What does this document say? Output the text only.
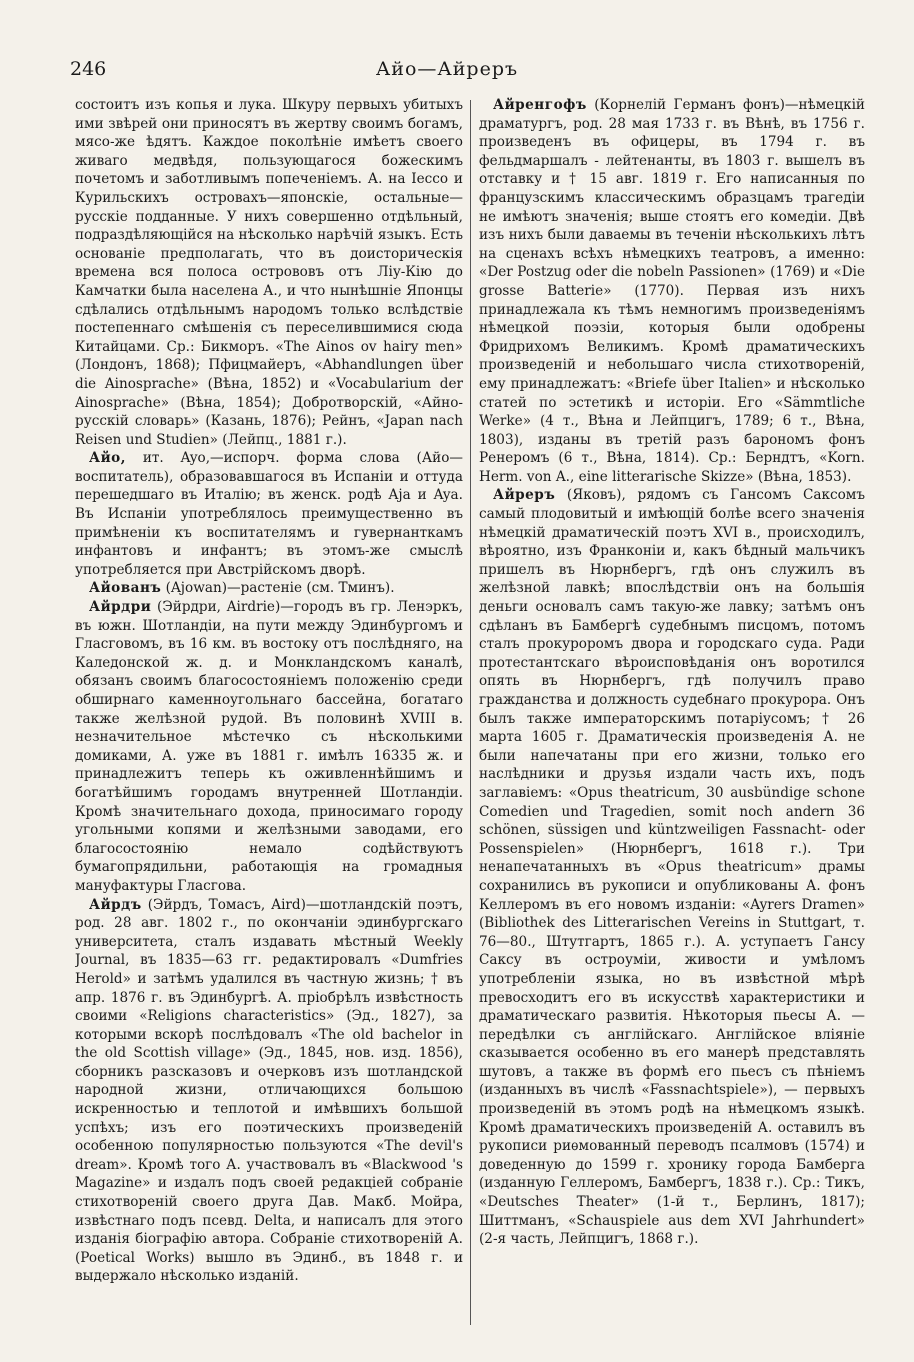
246	Айо—Айреръ

состоитъ изъ копья и лука. Шкуру первыхъ убитыхъ ими звѣрей они приносятъ въ жертву своимъ богамъ, мясо-же ѣдятъ. Каждое поколѣніе имѣетъ своего живаго медвѣдя, пользующагося божескимъ почетомъ и заботливымъ попеченіемъ. А. на Іессо и Курильскихъ островахъ—японскіе, остальные—русскіе подданные. У нихъ совершенно отдѣльный, подраздѣляющійся на нѣсколько нарѣчій языкъ. Есть основаніе предполагать, что въ доисторическія времена вся полоса острововъ отъ Ліу-Кію до Камчатки была населена А., и что нынѣшніе Японцы сдѣлались отдѣльнымъ народомъ только вслѣдствіе постепеннаго смѣшенія съ переселившимися сюда Китайцами. Ср.: Бикморъ. «The Ainos ov hairy men» (Лондонъ, 1868); Пфицмайеръ, «Abhandlungen über die Ainosprache» (Вѣна, 1852) и «Vocabularium der Ainosprache» (Вѣна, 1854); Добротворскій, «Айно-русскій словарь» (Казань, 1876); Рейнъ, «Japan nach Reisen und Studien» (Лейпц., 1881 г.).

Айо, ит. Ayo,—испорч. форма слова (Айо—воспитатель), образовавшагося въ Испаніи и оттуда перешедшаго въ Италію; въ женск. родѣ Aja и Aya. Въ Испаніи употреблялось преимущественно въ примѣненіи къ воспитателямъ и гувернанткамъ инфантовъ и инфантъ; въ этомъ-же смыслѣ употребляется при Австрійскомъ дворѣ.

Айованъ (Ajowan)—растеніе (см. Тминъ).

Айрдри (Эйрдри, Airdrie)—городъ въ гр. Ленэркъ, въ южн. Шотландіи, на пути между Эдинбургомъ и Гласговомъ, въ 16 км. въ востоку отъ послѣдняго, на Каледонской ж. д. и Монкландскомъ каналѣ, обязанъ своимъ благосостояніемъ положенію среди обширнаго каменноугольнаго бассейна, богатаго также желѣзной рудой. Въ половинѣ XVIII в. незначительное мѣстечко съ нѣсколькими домиками, А. уже въ 1881 г. имѣлъ 16335 ж. и принадлежитъ теперь къ оживленнѣйшимъ и богатѣйшимъ городамъ внутренней Шотландіи. Кромѣ значительнаго дохода, приносимаго городу угольными копями и желѣзными заводами, его благосостоянію немало содѣйствуютъ бумагопрядильни, работающія на громадныя мануфактуры Глаcгова.

Айрдъ (Эйрдъ, Томасъ, Aird)—шотландскій поэтъ, род. 28 авг. 1802 г., по окончаніи эдинбургскаго университета, сталъ издавать мѣстный Weekly Journal, въ 1835—63 гг. редактировалъ «Dumfries Herold» и затѣмъ удалился въ частную жизнь; † въ апр. 1876 г. въ Эдинбургѣ. А. пріобрѣлъ извѣстность своими «Religions characteristics» (Эд., 1827), за которыми вскорѣ послѣдовалъ «The old bachelor in the old Scottish village» (Эд., 1845, нов. изд. 1856), сборникъ разсказовъ и очерковъ изъ шотландской народной жизни, отличающихся большою искренностью и теплотой и имѣвшихъ большой успѣхъ; изъ его поэтическихъ произведеній особенною популярностью пользуются «The devil's dream». Кромѣ того А. участвовалъ въ «Blackwood 's Magazine» и издалъ подъ своей редакціей собраніе стихотвореній своего друга Дав. Макб. Мойра, извѣстнаго подъ псевд. Delta, и написалъ для этого изданія біографію автора. Собраніе стихотвореній А. (Poetical Works) вышло въ Эдинб., въ 1848 г. и выдержало нѣсколько изданій.

Айренгофъ (Корнелій Германъ фонъ)—нѣмецкій драматургъ, род. 28 мая 1733 г. въ Вѣнѣ, въ 1756 г. произведенъ въ офицеры, въ 1794 г. въ фельдмаршалъ - лейтенанты, въ 1803 г. вышелъ въ отставку и † 15 авг. 1819 г. Его написанныя по французскимъ классическимъ образцамъ трагедіи не имѣютъ значенія; выше стоятъ его комедіи. Двѣ изъ нихъ были даваемы въ теченіи нѣсколькихъ лѣтъ на сценахъ всѣхъ нѣмецкихъ театровъ, а именно: «Der Postzug oder die nobeln Passionen» (1769) и «Die grosse Batterie» (1770). Первая изъ нихъ принадлежала къ тѣмъ немногимъ произведеніямъ нѣмецкой поэзіи, которыя были одобрены Фридрихомъ Великимъ. Кромѣ драматическихъ произведеній и небольшаго числа стихотвореній, ему принадлежатъ: «Briefe über Italien» и нѣсколько статей по эстетикѣ и исторіи. Его «Sämmtliche Werke» (4 т., Вѣна и Лейпцигъ, 1789; 6 т., Вѣна, 1803), изданы въ третій разъ барономъ фонъ Ренеромъ (6 т., Вѣна, 1814). Ср.: Берндтъ, «Korn. Herm. von A., eine litterarische Skizze» (Вѣна, 1853).

Айреръ (Яковъ), рядомъ съ Гансомъ Саксомъ самый плодовитый и имѣющій болѣе всего значенія нѣмецкій драматическій поэтъ XVI в., происходилъ, вѣроятно, изъ Франконіи и, какъ бѣдный мальчикъ пришелъ въ Нюрнбергъ, гдѣ онъ служилъ въ желѣзной лавкѣ; впослѣдствіи онъ на большія деньги основалъ самъ такую-же лавку; затѣмъ онъ сдѣланъ въ Бамбергѣ судебнымъ писцомъ, потомъ сталъ прокуроромъ двора и городскаго суда. Ради протестантскаго вѣроисповѣданія онъ воротился опять въ Нюрнбергъ, гдѣ получилъ право гражданства и должность судебнаго прокурора. Онъ былъ также императорскимъ потаріусомъ; † 26 марта 1605 г. Драматическія произведенія А. не были напечатаны при его жизни, только его наслѣдники и друзья издали часть ихъ, подъ заглавіемъ: «Opus theatricum, 30 ausbündige schone Comedien und Tragedien, somit noch andern 36 schönen, süssigen und küntzweiligen Fassnacht- oder Possenspielen» (Нюрнбергъ, 1618 г.). Три ненапечатанныхъ въ «Opus theatricum» драмы сохранились въ рукописи и опубликованы А. фонъ Келлеромъ въ его новомъ изданіи: «Ayrers Dramen» (Bibliothek des Litterarischen Vereins in Stuttgart, т. 76—80., Штутгартъ, 1865 г.). А. уступаетъ Гансу Саксу въ остроуміи, живости и умѣломъ употребленіи языка, но въ извѣстной мѣрѣ превосходитъ его въ искусствѣ характеристики и драматическаго развитія. Нѣкоторыя пьесы А. — передѣлки съ англійскаго. Англійское вліяніе сказывается особенно въ его манерѣ представлять шутовъ, а также въ формѣ его пьесъ съ пѣнiемъ (изданныхъ въ числѣ «Fassnachtspiele»), — первыхъ произведеній въ этомъ родѣ на нѣмецкомъ языкѣ. Кромѣ драматическихъ произведеній А. оставилъ въ рукописи риѳмованный переводъ псалмовъ (1574) и доведенную до 1599 г. хронику города Бамберга (изданную Геллеромъ, Бамбергъ, 1838 г.). Ср.: Тикъ, «Deutsches Theater» (1-й т., Берлинъ, 1817); Шиттманъ, «Schauspiele aus dem XVI Jahrhundert» (2-я часть, Лейпцигъ, 1868 г.).
